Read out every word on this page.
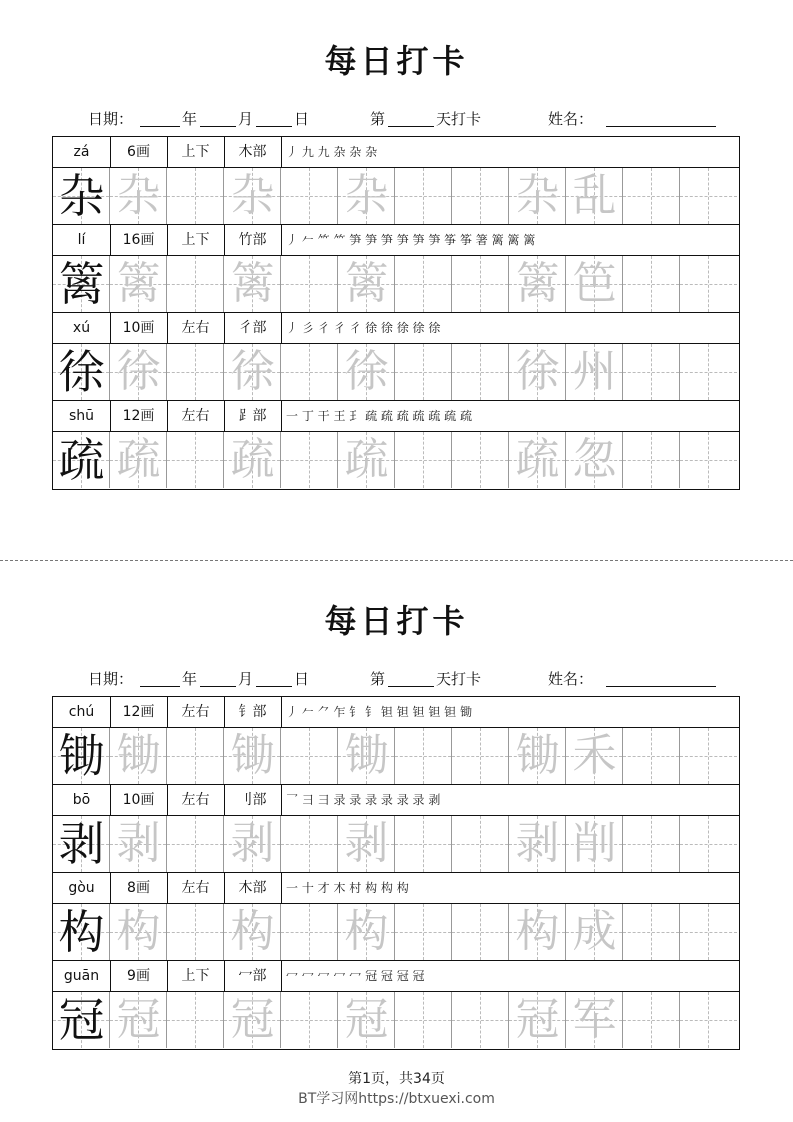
每日打卡
日期：	年	月	日	第	天打卡	姓名：
zá	6画	上下	木部	丿 九 九 杂 杂 杂
杂 杂 杂 杂	杂 乱
lí	16画	上下	竹部	丿 𠂉 ⺮ ⺮ 笋 笋 笋 笋 笋 笋 筝 筝 箸 篱 篱 篱
篱 篱 篱 篱	篱 笆
xú	10画	左右	彳部	丿 彡 彳 彳 彳 徐 徐 徐 徐 徐
徐 徐 徐 徐	徐 州
shū	12画	左右	⻊部	一 丁 干 王 𤣩 疏 疏 疏 疏 疏 疏 疏
疏 疏 疏 疏	疏 忽
每日打卡
日期：	年	月	日	第	天打卡	姓名：
chú	12画	左右	钅部	丿 𠂉 ⺈ 乍 钅 钅 钽 钽 钽 钽 钽 锄
锄 锄 锄 锄	锄 禾
bō	10画	左右	刂部	乛 彐 ⺕ 录 录 录 录 录 录 剥
剥 剥 剥 剥	剥 削
gòu	8画	左右	木部	一 十 才 木 村 构 构 构
构 构 构 构	构 成
guān	9画	上下	冖部	冖 冖 冖 冖 冖 冠 冠 冠 冠
冠 冠 冠 冠	冠 军
第1页，共34页
BT学习网https://btxuexi.com
